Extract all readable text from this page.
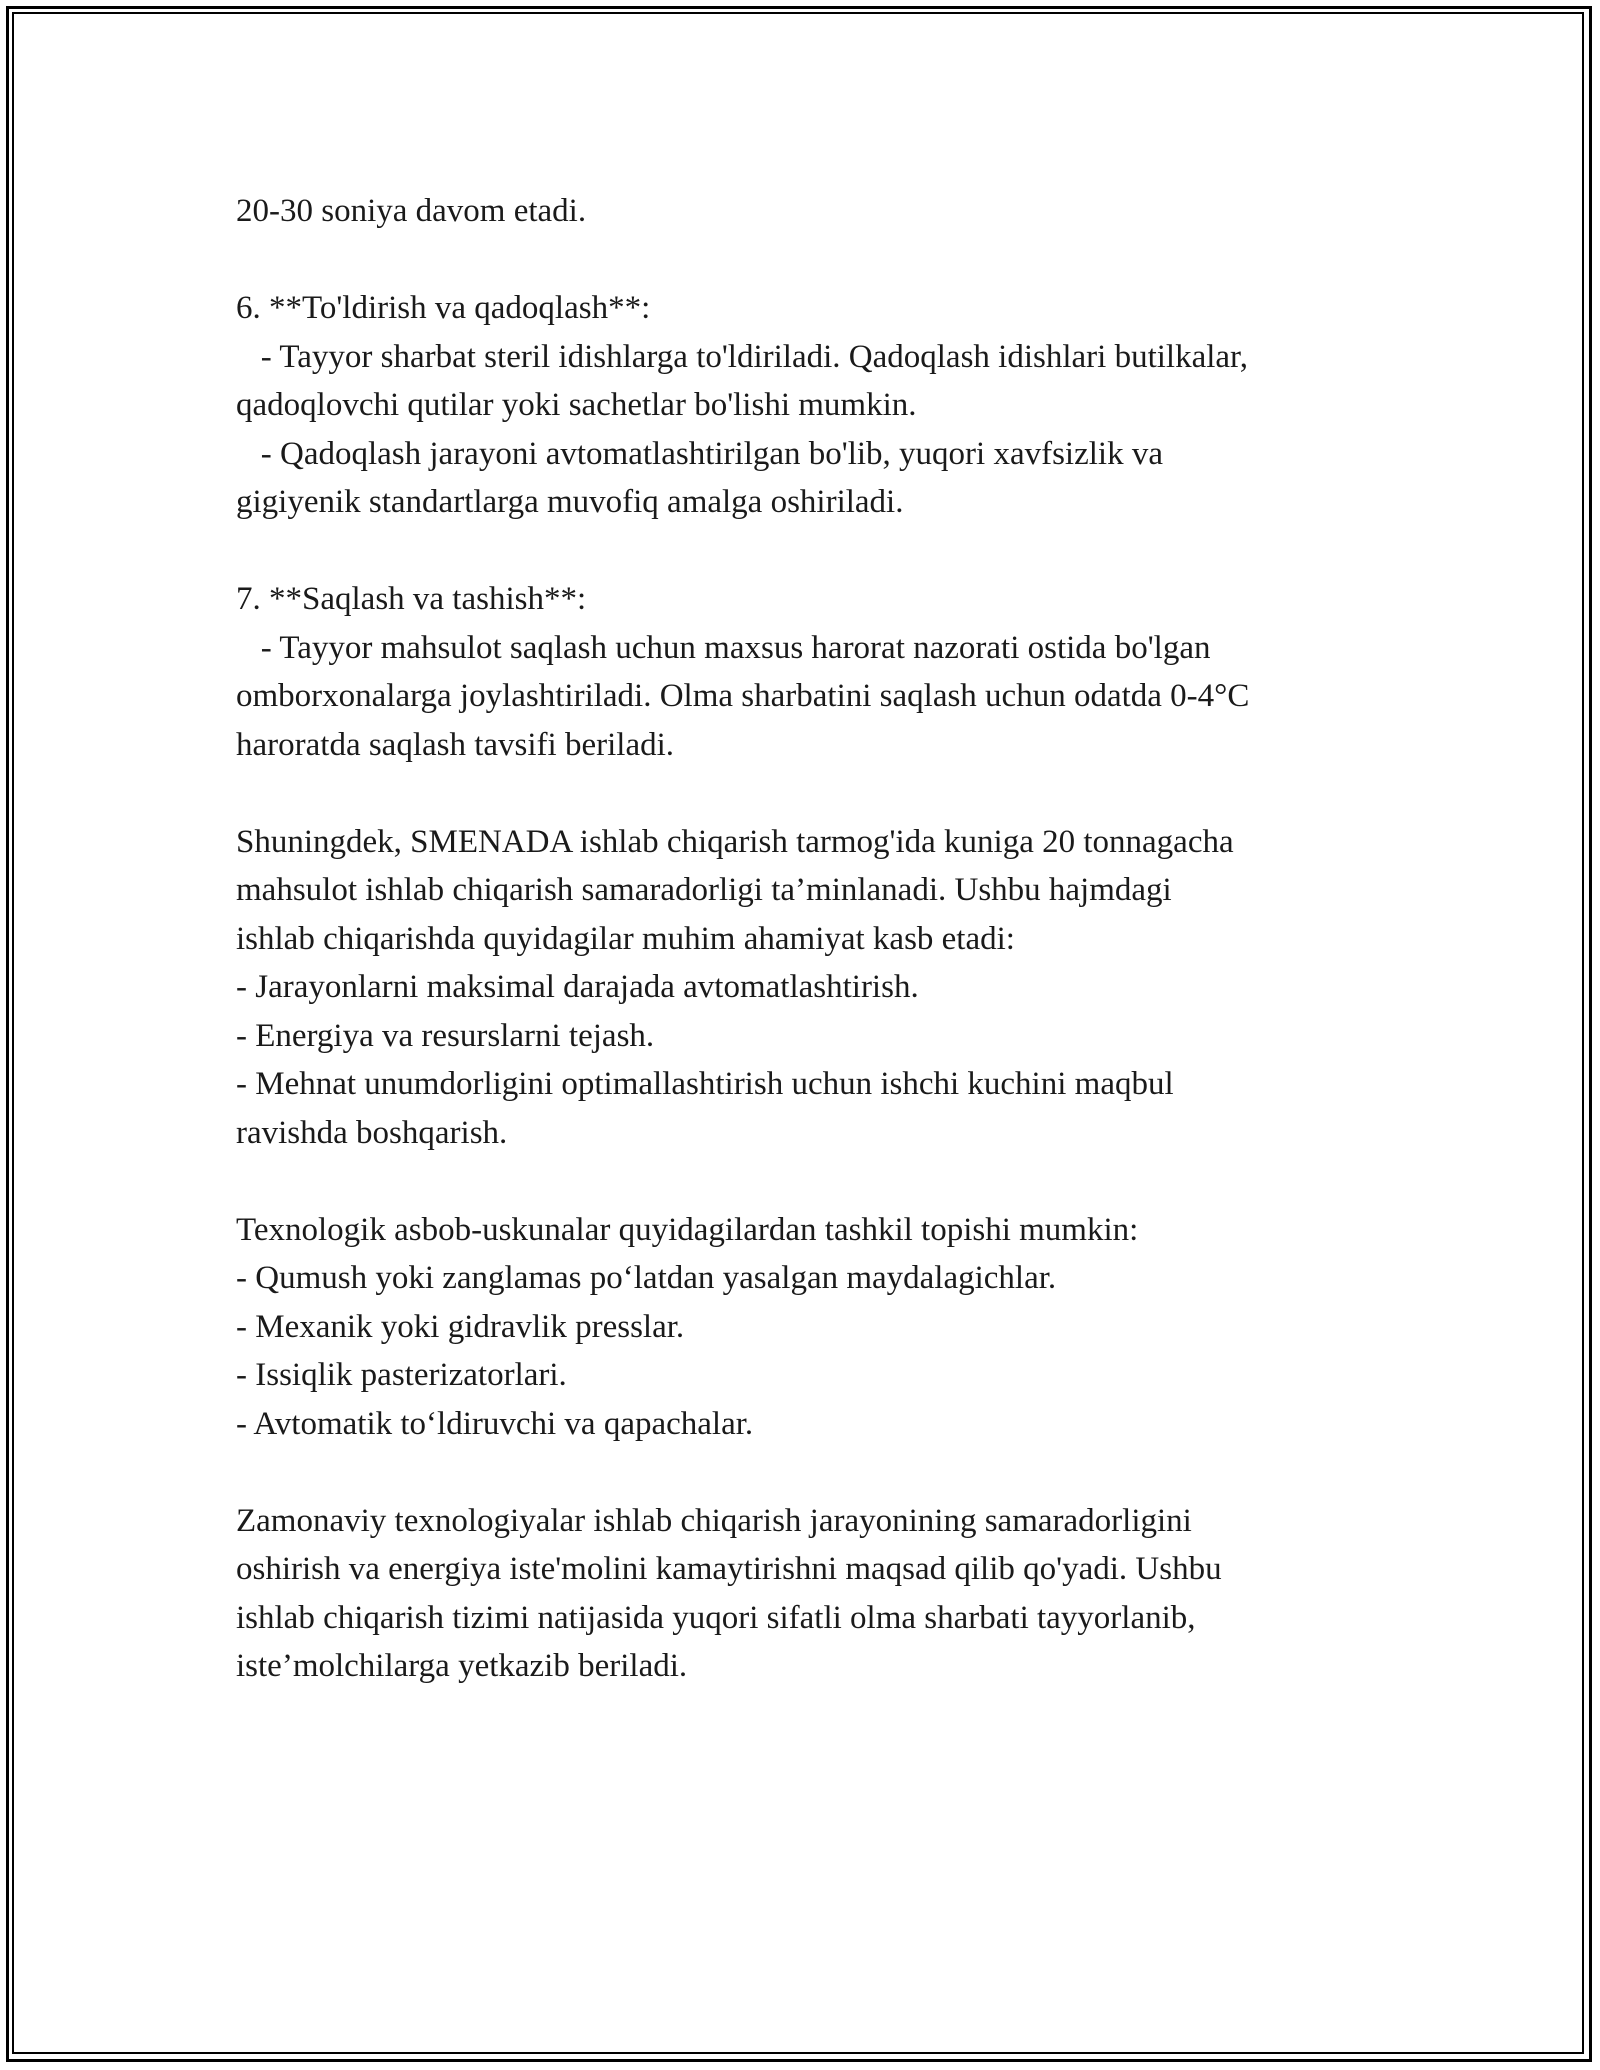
20-30 soniya davom etadi.

6. **To'ldirish va qadoqlash**:

- Tayyor sharbat steril idishlarga to'ldiriladi. Qadoqlash idishlari butilkalar,

qadoqlovchi qutilar yoki sachetlar bo'lishi mumkin.

- Qadoqlash jarayoni avtomatlashtirilgan bo'lib, yuqori xavfsizlik va

gigiyenik standartlarga muvofiq amalga oshiriladi.

7. **Saqlash va tashish**:

- Tayyor mahsulot saqlash uchun maxsus harorat nazorati ostida bo'lgan

omborxonalarga joylashtiriladi. Olma sharbatini saqlash uchun odatda 0-4°C

haroratda saqlash tavsifi beriladi.

Shuningdek, SMENADA ishlab chiqarish tarmog'ida kuniga 20 tonnagacha

mahsulot ishlab chiqarish samaradorligi ta’minlanadi. Ushbu hajmdagi

ishlab chiqarishda quyidagilar muhim ahamiyat kasb etadi:

- Jarayonlarni maksimal darajada avtomatlashtirish.

- Energiya va resurslarni tejash.

- Mehnat unumdorligini optimallashtirish uchun ishchi kuchini maqbul

ravishda boshqarish.

Texnologik asbob-uskunalar quyidagilardan tashkil topishi mumkin:

- Qumush yoki zanglamas po‘latdan yasalgan maydalagichlar.

- Mexanik yoki gidravlik presslar.

- Issiqlik pasterizatorlari.

- Avtomatik to‘ldiruvchi va qapachalar.

Zamonaviy texnologiyalar ishlab chiqarish jarayonining samaradorligini

oshirish va energiya iste'molini kamaytirishni maqsad qilib qo'yadi. Ushbu

ishlab chiqarish tizimi natijasida yuqori sifatli olma sharbati tayyorlanib,

iste’molchilarga yetkazib beriladi.
